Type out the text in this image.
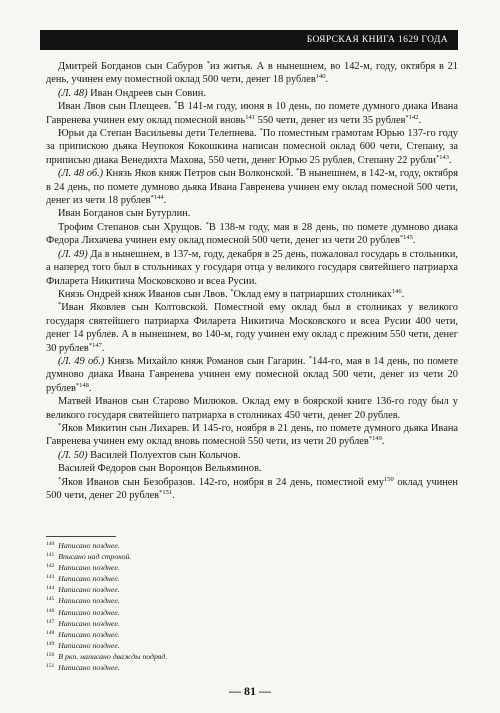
БОЯРСКАЯ КНИГА 1629 ГОДА

Дмитрей Богданов сын Сабуров *из житья. А в нынешнем, во 142-м, году, октября в 21 день, учинен ему поместной оклад 500 чети, денег 18 рублев$^{140}$.

(Л. 48) Иван Ондреев сын Совин.

Иван Лвов сын Плещеев. *В 141-м году, июня в 10 день, по помете думного диака Ивана Гавренева учинен ему оклад помесной вновь$^{141}$ 550 чети, денег из чети 35 рублев$^{*142}$.

Юрьи да Степан Васильевы дети Телепнева. *По поместным грамотам Юрью 137-го году за припискою дьяка Неупокоя Кокошкина написан помесной оклад 600 чети, Степану, за приписью диака Венедихта Махова, 550 чети, денег Юрью 25 рублев, Степану 22 рубли$^{*143}$.

(Л. 48 об.) Князь Яков княж Петров сын Волконской. *В нынешнем, в 142-м, году, октября в 24 день, по помете думново дьяка Ивана Гавренева учинен ему оклад помесной 500 чети, денег из чети 18 рублев$^{*144}$.

Иван Богданов сын Бутурлин.

Трофим Степанов сын Хрущов. *В 138-м году, мая в 28 день, по помете думново диака Федора Лихачева учинен ему оклад помесной 500 чети, денег из чети 20 рублев$^{*145}$.

(Л. 49) Да в нынешнем, в 137-м, году, декабря в 25 день, пожаловал государь в стольники, а наперед того был в стольниках у государя отца у великого государя святейшего патриарха Филарета Никитича Московсково и всеа Русии.

Князь Ондрей княж Иванов сын Лвов. *Оклад ему в патриарших столниках$^{146}$.

*Иван Яковлев сын Колтовской. Поместной ему оклад был в столниках у великого государя святейшего патриарха Филарета Никитича Московского и всеа Русии 400 чети, денег 14 рублев. А в нынешнем, во 140-м, году учинен ему оклад с прежним 550 чети, денег 30 рублев$^{*147}$.

(Л. 49 об.) Князь Михайло княж Романов сын Гагарин. *144-го, мая в 14 день, по помете думново диака Ивана Гавренева учинен ему помесной оклад 500 чети, денег из чети 20 рублев$^{*148}$.

Матвей Иванов сын Старово Милюков. Оклад ему в боярской книге 136-го году был у великого государя святейшего патриарха в столниках 450 чети, денег 20 рублев.

*Яков Микитин сын Лихарев. И 145-го, ноября в 21 день, по помете думного дьяка Ивана Гавренева учинен ему оклад вновь помесной 550 чети, из чети 20 рублев$^{*149}$.

(Л. 50) Василей Полуехтов сын Колычов.

Василей Федоров сын Воронцов Вельяминов.

*Яков Иванов сын Безобразов. 142-го, ноября в 24 день, поместной ему$^{150}$ оклад учинен 500 чети, денег 20 рублев$^{*151}$.

$^{140}$ Написано позднее.
$^{141}$ Вписано над строкой.
$^{142}$ Написано позднее.
$^{143}$ Написано позднее.
$^{144}$ Написано позднее.
$^{145}$ Написано позднее.
$^{146}$ Написано позднее.
$^{147}$ Написано позднее.
$^{148}$ Написано позднее.
$^{149}$ Написано позднее.
$^{150}$ В ркп. написано дважды подряд.
$^{151}$ Написано позднее.
— 81 —
